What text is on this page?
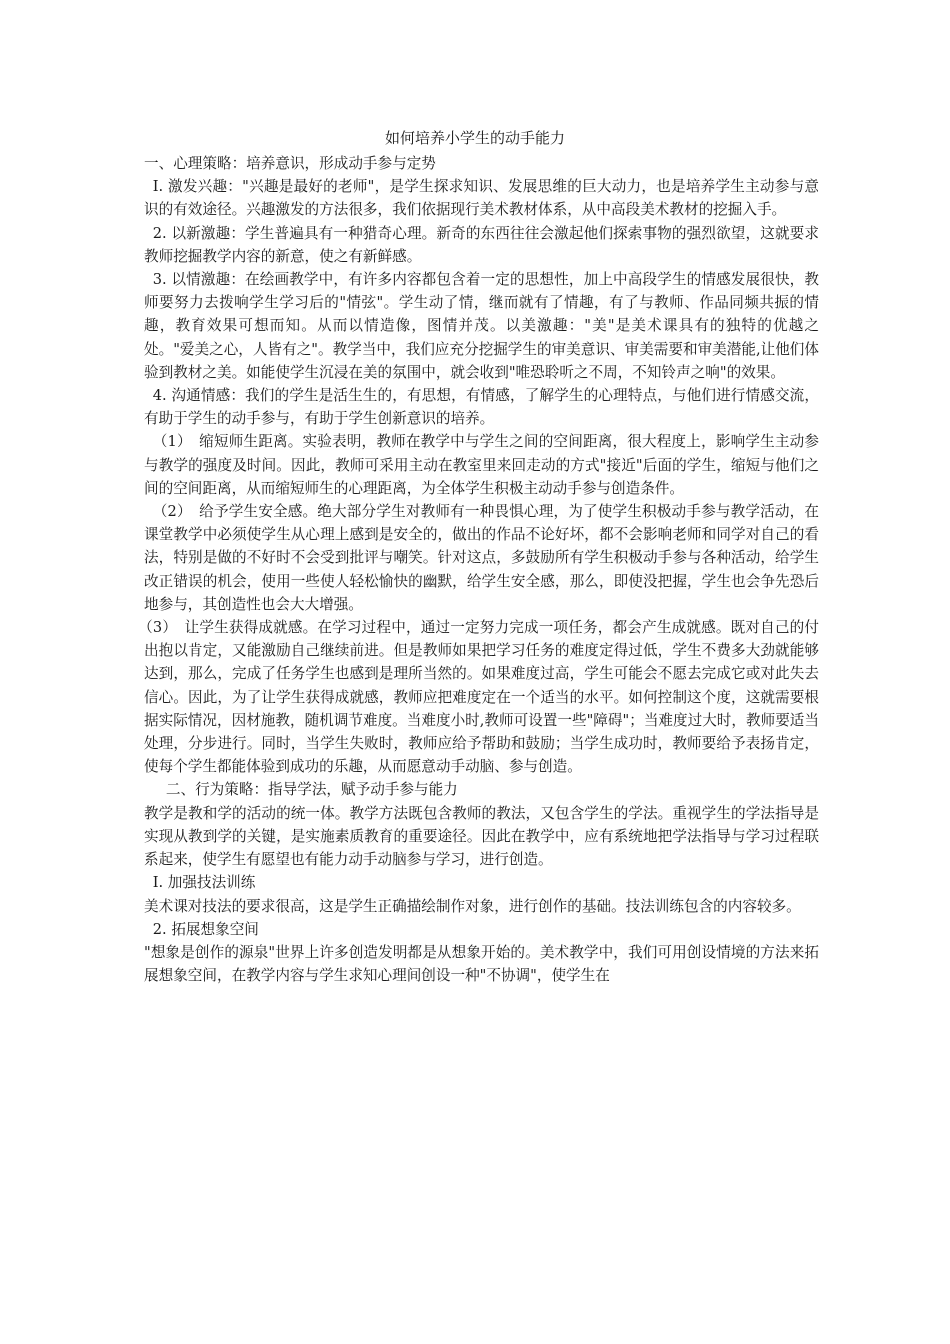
如何培养小学生的动手能力

一、心理策略：培养意识，形成动手参与定势

I. 激发兴趣："兴趣是最好的老师"，是学生探求知识、发展思维的巨大动力，也是培养学生主动参与意识的有效途径。兴趣激发的方法很多，我们依据现行美术教材体系，从中高段美术教材的挖掘入手。

2. 以新激趣：学生普遍具有一种猎奇心理。新奇的东西往往会激起他们探索事物的强烈欲望，这就要求教师挖掘教学内容的新意，使之有新鲜感。

3. 以情激趣：在绘画教学中，有许多内容都包含着一定的思想性，加上中高段学生的情感发展很快，教师要努力去拨响学生学习后的"情弦"。学生动了情，继而就有了情趣，有了与教师、作品同频共振的情趣，教育效果可想而知。从而以情造像，图情并茂。以美激趣："美"是美术课具有的独特的优越之处。"爱美之心，人皆有之"。教学当中，我们应充分挖掘学生的审美意识、审美需要和审美潜能,让他们体验到教材之美。如能使学生沉浸在美的氛围中，就会收到"唯恐聆听之不周，不知铃声之响"的效果。

4. 沟通情感：我们的学生是活生生的，有思想，有情感，了解学生的心理特点，与他们进行情感交流，有助于学生的动手参与，有助于学生创新意识的培养。

（1）　缩短师生距离。实验表明，教师在教学中与学生之间的空间距离，很大程度上，影响学生主动参与教学的强度及时间。因此，教师可采用主动在教室里来回走动的方式"接近"后面的学生，缩短与他们之间的空间距离，从而缩短师生的心理距离，为全体学生积极主动动手参与创造条件。

（2）　给予学生安全感。绝大部分学生对教师有一种畏惧心理，为了使学生积极动手参与教学活动，在课堂教学中必须使学生从心理上感到是安全的，做出的作品不论好坏，都不会影响老师和同学对自己的看法，特别是做的不好时不会受到批评与嘲笑。针对这点，多鼓励所有学生积极动手参与各种活动，给学生改正错误的机会，使用一些使人轻松愉快的幽默，给学生安全感，那么，即使没把握，学生也会争先恐后地参与，其创造性也会大大增强。

（3）　让学生获得成就感。在学习过程中，通过一定努力完成一项任务，都会产生成就感。既对自己的付出抱以肯定，又能激励自己继续前进。但是教师如果把学习任务的难度定得过低，学生不费多大劲就能够达到，那么，完成了任务学生也感到是理所当然的。如果难度过高，学生可能会不愿去完成它或对此失去信心。因此，为了让学生获得成就感，教师应把难度定在一个适当的水平。如何控制这个度，这就需要根据实际情况，因材施教，随机调节难度。当难度小时,教师可设置一些"障碍"；当难度过大时，教师要适当处理，分步进行。同时，当学生失败时，教师应给予帮助和鼓励；当学生成功时，教师要给予表扬肯定，使每个学生都能体验到成功的乐趣，从而愿意动手动脑、参与创造。

二、行为策略：指导学法，赋予动手参与能力

教学是教和学的活动的统一体。教学方法既包含教师的教法，又包含学生的学法。重视学生的学法指导是实现从教到学的关键，是实施素质教育的重要途径。因此在教学中，应有系统地把学法指导与学习过程联系起来，使学生有愿望也有能力动手动脑参与学习，进行创造。

I. 加强技法训练

美术课对技法的要求很高，这是学生正确描绘制作对象，进行创作的基础。技法训练包含的内容较多。

2. 拓展想象空间

"想象是创作的源泉"世界上许多创造发明都是从想象开始的。美术教学中，我们可用创设情境的方法来拓展想象空间，在教学内容与学生求知心理间创设一种"不协调"，使学生在
